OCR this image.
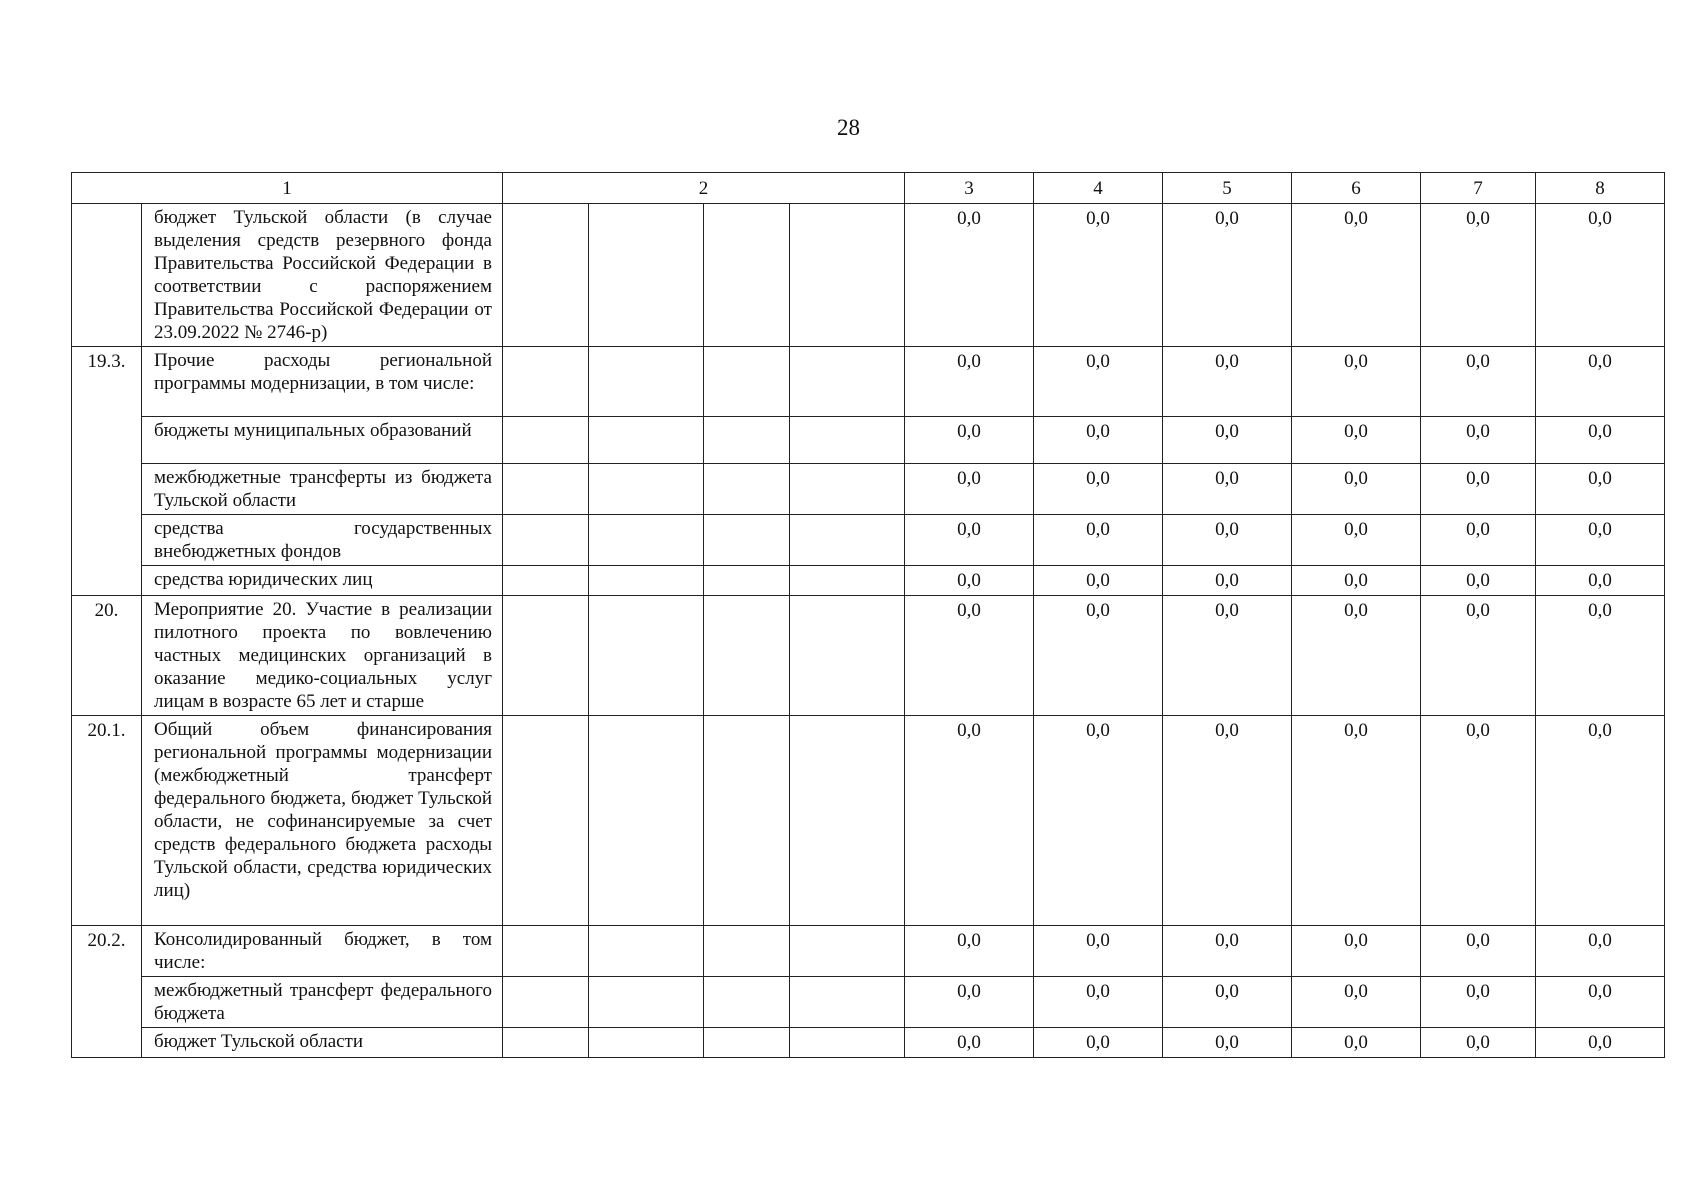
28
1		2				3	4	5	6	7	8
	бюджет Тульской области (в случае выделения средств резервного фонда Правительства Российской Федерации в соответствии с распоряжением Правительства Российской Федерации от 23.09.2022 № 2746-р)					0,0	0,0	0,0	0,0	0,0	0,0
19.3.	Прочие расходы региональной программы модернизации, в том числе:					0,0	0,0	0,0	0,0	0,0	0,0
	бюджеты муниципальных образований					0,0	0,0	0,0	0,0	0,0	0,0
	межбюджетные трансферты из бюджета Тульской области					0,0	0,0	0,0	0,0	0,0	0,0
	средства государственных внебюджетных фондов					0,0	0,0	0,0	0,0	0,0	0,0
	средства юридических лиц					0,0	0,0	0,0	0,0	0,0	0,0
20.	Мероприятие 20. Участие в реализации пилотного проекта по вовлечению частных медицинских организаций в оказание медико-социальных услуг лицам в возрасте 65 лет и старше					0,0	0,0	0,0	0,0	0,0	0,0
20.1.	Общий объем финансирования региональной программы модернизации (межбюджетный трансферт федерального бюджета, бюджет Тульской области, не софинансируемые за счет средств федерального бюджета расходы Тульской области, средства юридических лиц)					0,0	0,0	0,0	0,0	0,0	0,0
20.2.	Консолидированный бюджет, в том числе:					0,0	0,0	0,0	0,0	0,0	0,0
	межбюджетный трансферт федерального бюджета					0,0	0,0	0,0	0,0	0,0	0,0
	бюджет Тульской области					0,0	0,0	0,0	0,0	0,0	0,0
